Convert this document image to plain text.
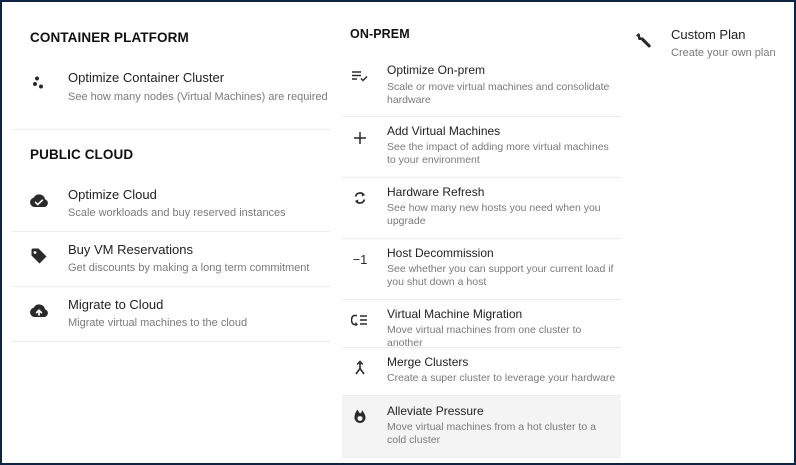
CONTAINER PLATFORM
Optimize Container Cluster
See how many nodes (Virtual Machines) are required
PUBLIC CLOUD
Optimize Cloud
Scale workloads and buy reserved instances
Buy VM Reservations
Get discounts by making a long term commitment
Migrate to Cloud
Migrate virtual machines to the cloud
ON-PREM
Optimize On-prem
Scale or move virtual machines and consolidate hardware
Add Virtual Machines
See the impact of adding more virtual machines to your environment
Hardware Refresh
See how many new hosts you need when you upgrade
−1 Host Decommission
See whether you can support your current load if you shut down a host
Virtual Machine Migration
Move virtual machines from one cluster to another
Merge Clusters
Create a super cluster to leverage your hardware
Alleviate Pressure
Move virtual machines from a hot cluster to a cold cluster
Custom Plan
Create your own plan
